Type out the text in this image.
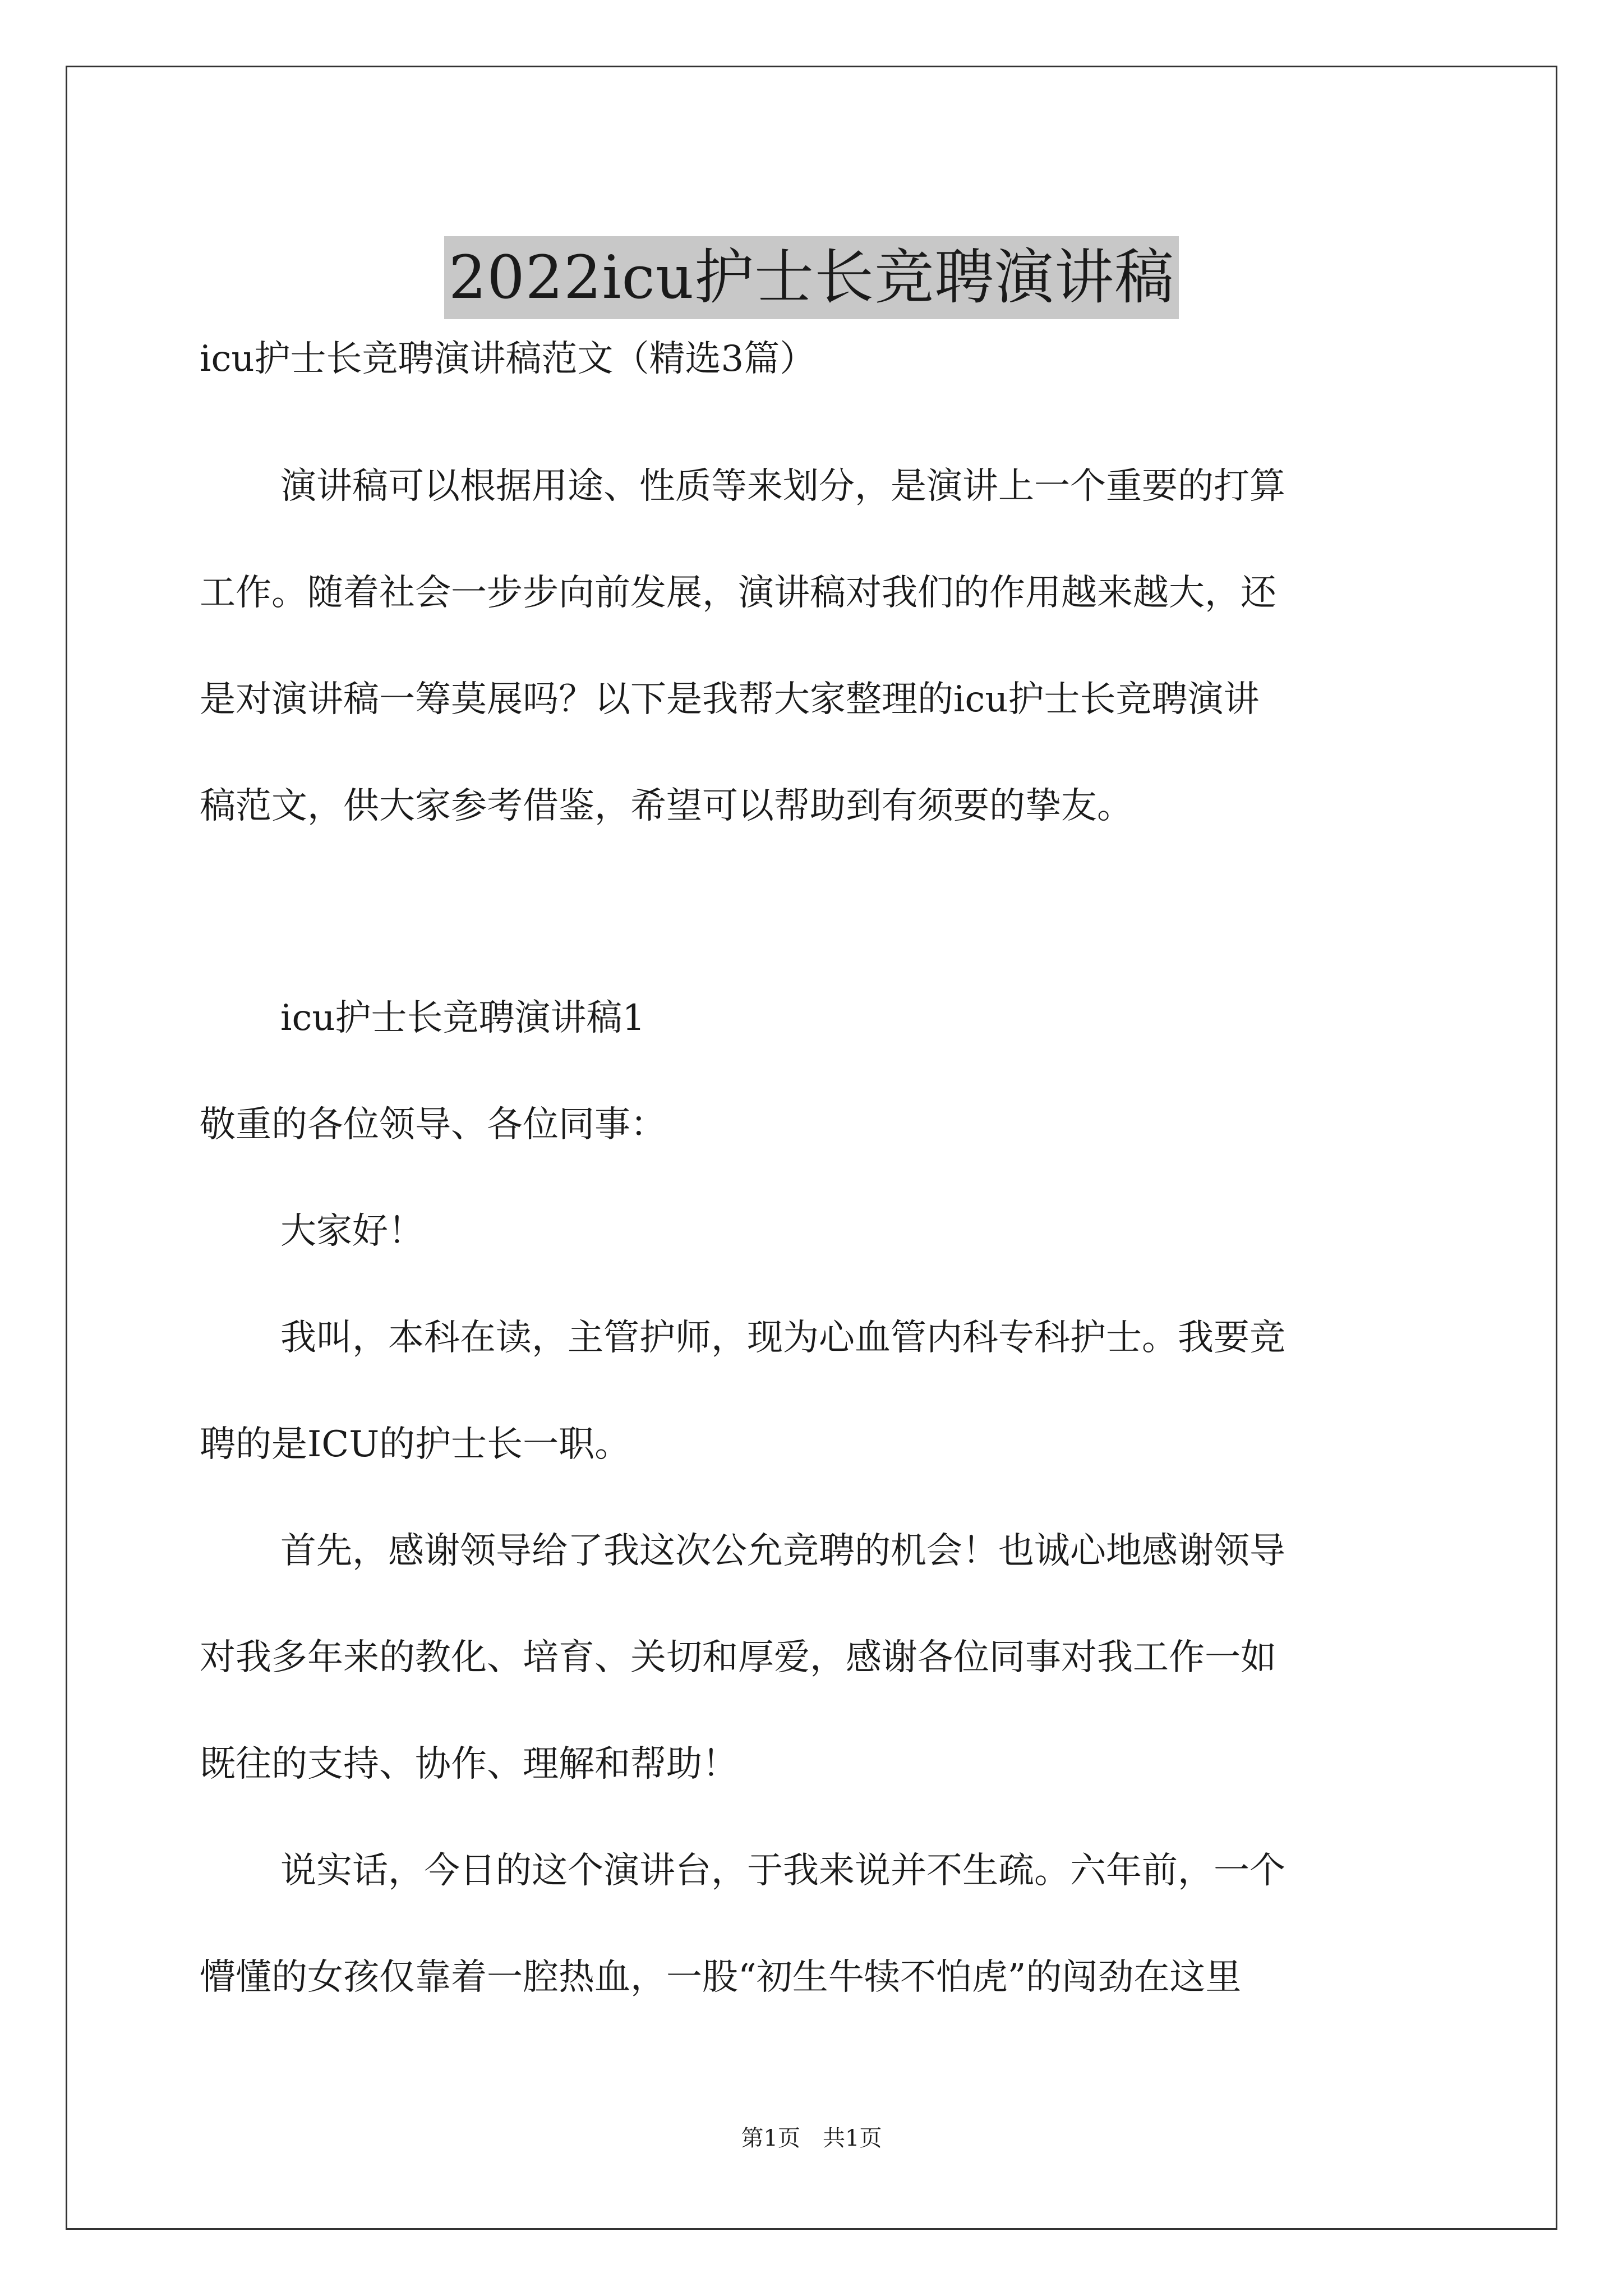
2022icu护士长竞聘演讲稿
icu护士长竞聘演讲稿范文（精选3篇）
演讲稿可以根据用途、性质等来划分，是演讲上一个重要的打算
工作。随着社会一步步向前发展，演讲稿对我们的作用越来越大，还
是对演讲稿一筹莫展吗？以下是我帮大家整理的icu护士长竞聘演讲
稿范文，供大家参考借鉴，希望可以帮助到有须要的挚友。
icu护士长竞聘演讲稿1
敬重的各位领导、各位同事：
大家好！
我叫，本科在读，主管护师，现为心血管内科专科护士。我要竞
聘的是ICU的护士长一职。
首先，感谢领导给了我这次公允竞聘的机会！也诚心地感谢领导
对我多年来的教化、培育、关切和厚爱，感谢各位同事对我工作一如
既往的支持、协作、理解和帮助！
说实话，今日的这个演讲台，于我来说并不生疏。六年前，一个
懵懂的女孩仅靠着一腔热血，一股“初生牛犊不怕虎”的闯劲在这里
第1页　共1页
